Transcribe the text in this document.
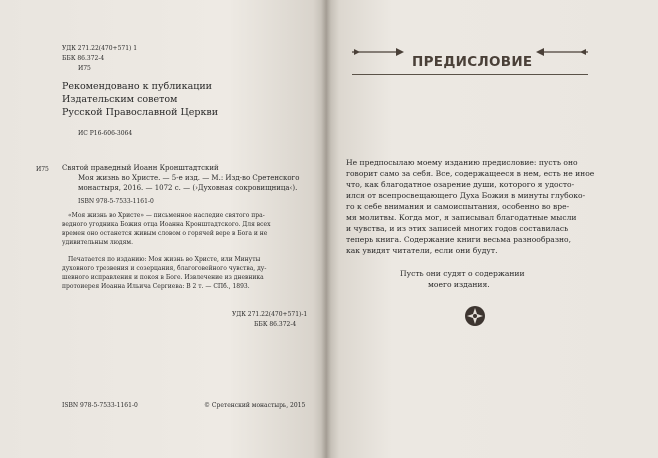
УДК 271.22(470+571) 1
ББК 86.372-4
И75
Рекомендовано к публикации
Издательским советом
Русской Православной Церкви
ИС Р16-606-3064
И75 Святой праведный Иоанн Кронштадтский
Моя жизнь во Христе. — 5-е изд. — М.: Изд-во Сретенского
монастыря, 2016. — 1072 с. — (›Духовная сокровищница‹).
ISBN 978-5-7533-1161-0
«Моя жизнь во Христе» — письменное наследие святого пра-
ведного угодника Божия отца Иоанна Кронштадтского. Для всех
времен оно останется живым словом о горячей вере в Бога и не
удивительным людям.
Печатается по изданию: Моя жизнь во Христе, или Минуты
духовного трезвения и созерцания, благоговейного чувства, ду-
шевного исправления и покоя в Боге. Извлечение из дневника
протоиерея Иоанна Ильича Сергиева: В 2 т. — СПб., 1893.
УДК 271.22(470+571)-1
ББК 86.372-4
ISBN 978-5-7533-1161-0	© Сретенский монастырь, 2015
ПРЕДИСЛОВИЕ
Не предпосылаю моему изданию предисловие: пусть оно
говорит само за себя. Все, содержащееся в нем, есть не иное
что, как благодатное озарение души, которого я удосто-
ился от всепросвещающего Духа Божия в минуты глубоко-
го к себе внимания и самоиспытания, особенно во вре-
мя молитвы. Когда мог, я записывал благодатные мысли
и чувства, и из этих записей многих годов составилась
теперь книга. Содержание книги весьма разнообразно,
как увидят читатели, если они будут.
Пусть они судят о содержании
моего издания.
